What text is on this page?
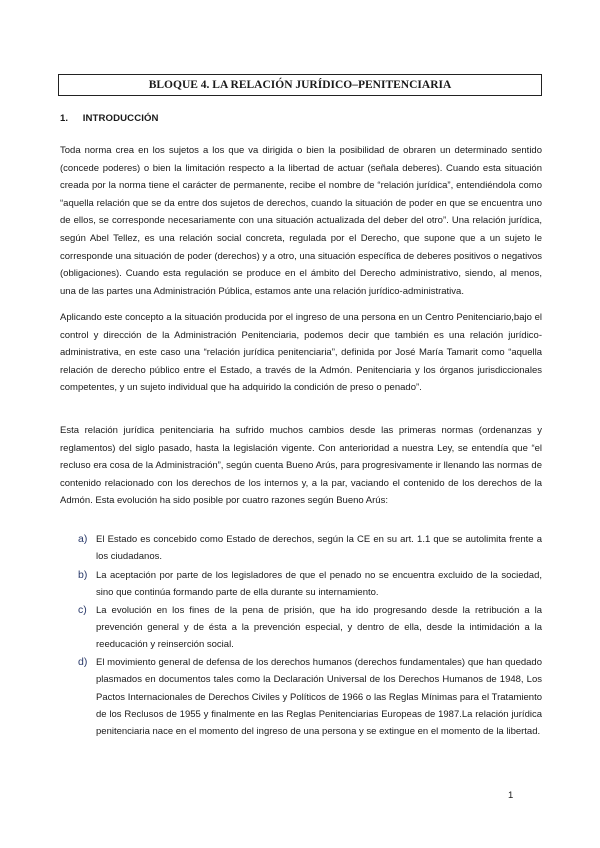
BLOQUE 4. LA RELACIÓN JURÍDICO–PENITENCIARIA
1. INTRODUCCIÓN

Toda norma crea en los sujetos a los que va dirigida o bien la posibilidad de obraren un determinado sentido (concede poderes) o bien la limitación respecto a la libertad de actuar (señala deberes). Cuando esta situación creada por la norma tiene el carácter de permanente, recibe el nombre de “relación jurídica”, entendiéndola como “aquella relación que se da entre dos sujetos de derechos, cuando la situación de poder en que se encuentra uno de ellos, se corresponde necesariamente con una situación actualizada del deber del otro”. Una relación jurídica, según Abel Tellez, es una relación social concreta, regulada por el Derecho, que supone que a un sujeto le corresponde una situación de poder (derechos) y a otro, una situación específica de deberes positivos o negativos (obligaciones). Cuando esta regulación se produce en el ámbito del Derecho administrativo, siendo, al menos, una de las partes una Administración Pública, estamos ante una relación jurídico-administrativa.

Aplicando este concepto a la situación producida por el ingreso de una persona en un Centro Penitenciario,bajo el control y dirección de la Administración Penitenciaria, podemos decir que también es una relación jurídico- administrativa, en este caso una “relación jurídica penitenciaria”, definida por José María Tamarit como “aquella relación de derecho público entre el Estado, a través de la Admón. Penitenciaria y los órganos jurisdiccionales competentes, y un sujeto individual que ha adquirido la condición de preso o penado”.

Esta relación jurídica penitenciaria ha sufrido muchos cambios desde las primeras normas (ordenanzas y reglamentos) del siglo pasado, hasta la legislación vigente. Con anterioridad a nuestra Ley, se entendía que “el recluso era cosa de la Administración”, según cuenta Bueno Arús, para progresivamente ir llenando las normas de contenido relacionado con los derechos de los internos y, a la par, vaciando el contenido de los derechos de la Admón. Esta evolución ha sido posible por cuatro razones según Bueno Arús:

a) El Estado es concebido como Estado de derechos, según la CE en su art. 1.1 que se autolimita frente a los ciudadanos.
b) La aceptación por parte de los legisladores de que el penado no se encuentra excluido de la sociedad, sino que continúa formando parte de ella durante su internamiento.
c) La evolución en los fines de la pena de prisión, que ha ido progresando desde la retribución a la prevención general y de ésta a la prevención especial, y dentro de ella, desde la intimidación a la reeducación y reinserción social.
d) El movimiento general de defensa de los derechos humanos (derechos fundamentales) que han quedado plasmados en documentos tales como la Declaración Universal de los Derechos Humanos de 1948, Los Pactos Internacionales de Derechos Civiles y Políticos de 1966 o las Reglas Mínimas para el Tratamiento de los Reclusos de 1955 y finalmente en las Reglas Penitenciarias Europeas de 1987.La relación jurídica penitenciaria nace en el momento del ingreso de una persona y se extingue en el momento de la libertad.
1
